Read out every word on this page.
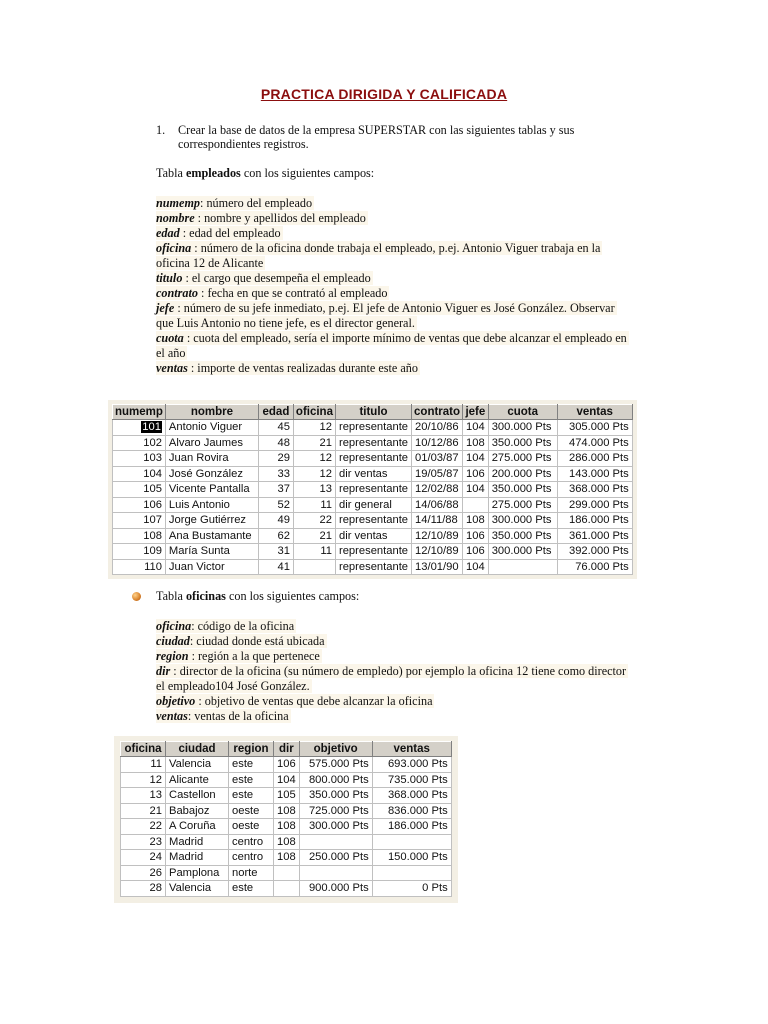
PRACTICA DIRIGIDA Y CALIFICADA
1. Crear la base de datos de la empresa SUPERSTAR con las siguientes tablas y sus
correspondientes registros.
Tabla empleados con los siguientes campos:
numemp: número del empleado
nombre : nombre y apellidos del empleado
edad : edad del empleado
oficina : número de la oficina donde trabaja el empleado, p.ej. Antonio Viguer trabaja en la
oficina 12 de Alicante
titulo : el cargo que desempeña el empleado
contrato : fecha en que se contrató al empleado
jefe : número de su jefe inmediato, p.ej. El jefe de Antonio Viguer es José González. Observar
que Luis Antonio no tiene jefe, es el director general.
cuota : cuota del empleado, sería el importe mínimo de ventas que debe alcanzar el empleado en
el año
ventas : importe de ventas realizadas durante este año
numemp	nombre	edad	oficina	titulo	contrato	jefe	cuota	ventas
101	Antonio Viguer	45	12	representante	20/10/86	104	300.000 Pts	305.000 Pts
102	Alvaro Jaumes	48	21	representante	10/12/86	108	350.000 Pts	474.000 Pts
103	Juan Rovira	29	12	representante	01/03/87	104	275.000 Pts	286.000 Pts
104	José González	33	12	dir ventas	19/05/87	106	200.000 Pts	143.000 Pts
105	Vicente Pantalla	37	13	representante	12/02/88	104	350.000 Pts	368.000 Pts
106	Luis Antonio	52	11	dir general	14/06/88		275.000 Pts	299.000 Pts
107	Jorge Gutiérrez	49	22	representante	14/11/88	108	300.000 Pts	186.000 Pts
108	Ana Bustamante	62	21	dir ventas	12/10/89	106	350.000 Pts	361.000 Pts
109	María Sunta	31	11	representante	12/10/89	106	300.000 Pts	392.000 Pts
110	Juan Victor	41		representante	13/01/90	104		76.000 Pts
Tabla oficinas con los siguientes campos:
oficina: código de la oficina
ciudad: ciudad donde está ubicada
region : región a la que pertenece
dir : director de la oficina (su número de empledo) por ejemplo la oficina 12 tiene como director
el empleado104 José González.
objetivo : objetivo de ventas que debe alcanzar la oficina
ventas: ventas de la oficina
oficina	ciudad	region	dir	objetivo	ventas
11	Valencia	este	106	575.000 Pts	693.000 Pts
12	Alicante	este	104	800.000 Pts	735.000 Pts
13	Castellon	este	105	350.000 Pts	368.000 Pts
21	Babajoz	oeste	108	725.000 Pts	836.000 Pts
22	A Coruña	oeste	108	300.000 Pts	186.000 Pts
23	Madrid	centro	108		
24	Madrid	centro	108	250.000 Pts	150.000 Pts
26	Pamplona	norte			
28	Valencia	este		900.000 Pts	0 Pts
